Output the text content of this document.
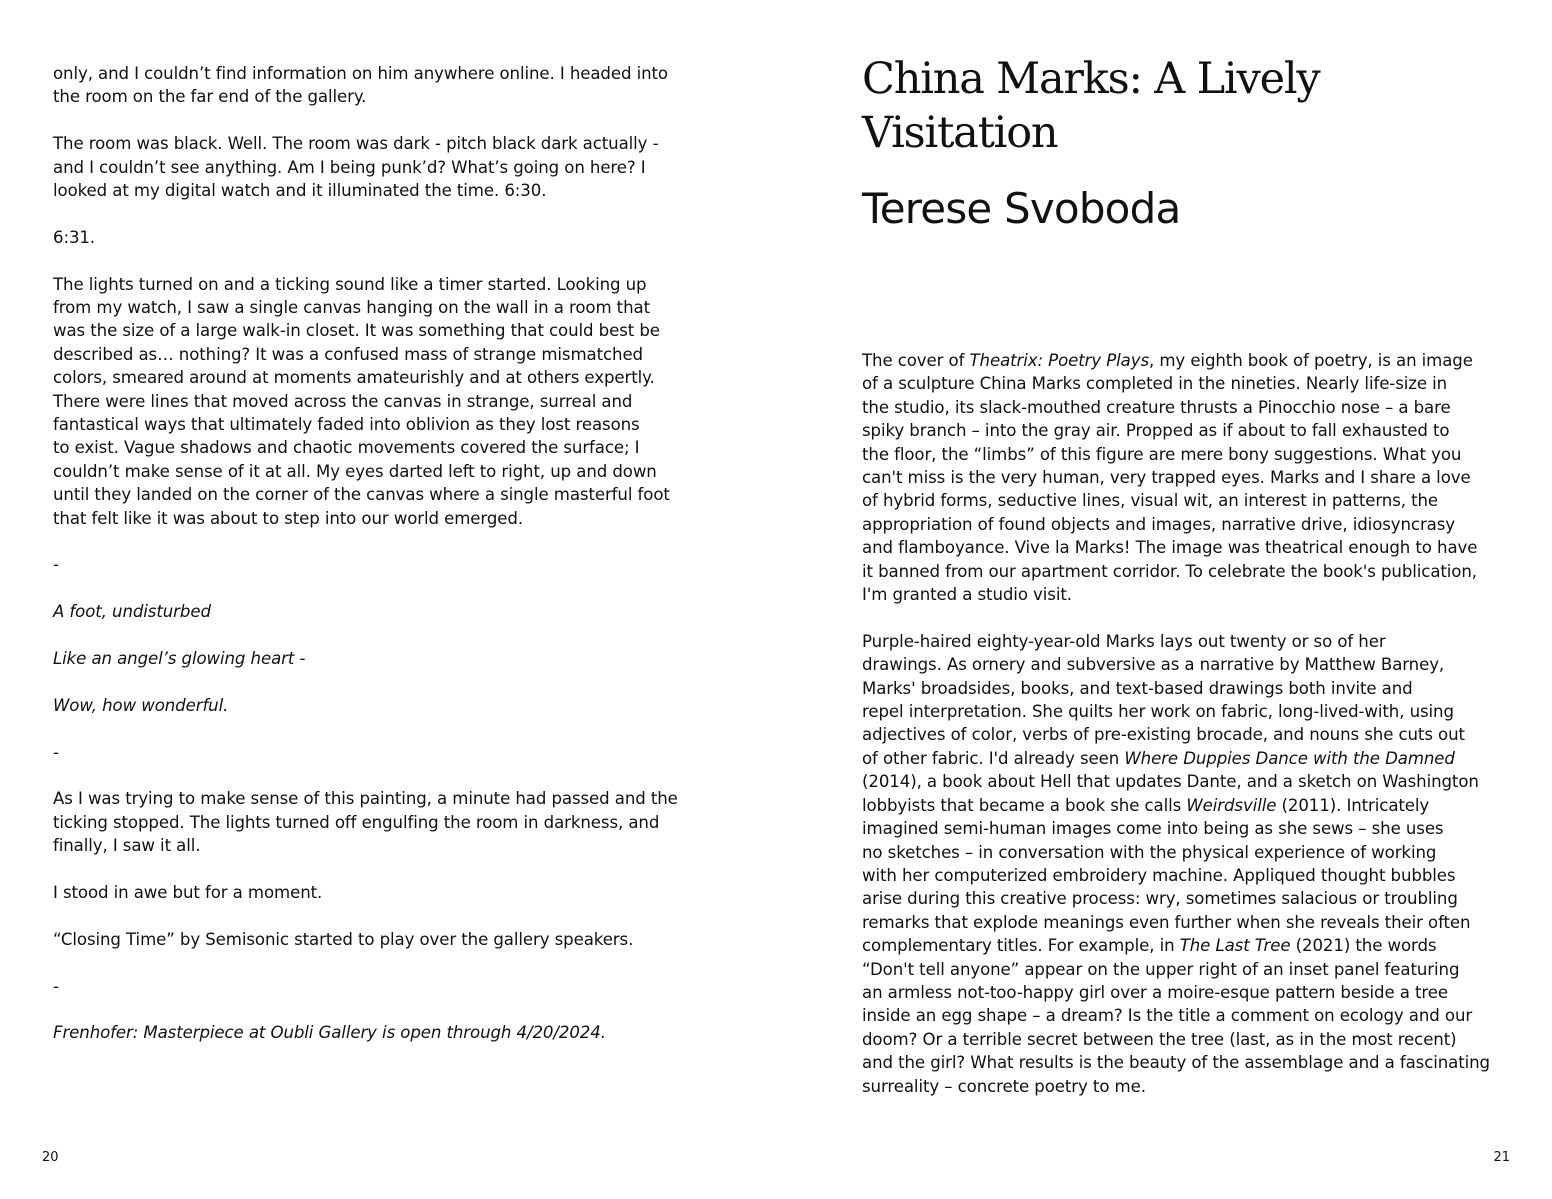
only, and I couldn’t find information on him anywhere online. I headed into
the room on the far end of the gallery.

The room was black. Well. The room was dark - pitch black dark actually -
and I couldn’t see anything. Am I being punk’d? What’s going on here? I
looked at my digital watch and it illuminated the time. 6:30.

6:31.

The lights turned on and a ticking sound like a timer started. Looking up
from my watch, I saw a single canvas hanging on the wall in a room that
was the size of a large walk-in closet. It was something that could best be
described as… nothing? It was a confused mass of strange mismatched
colors, smeared around at moments amateurishly and at others expertly.
There were lines that moved across the canvas in strange, surreal and
fantastical ways that ultimately faded into oblivion as they lost reasons
to exist. Vague shadows and chaotic movements covered the surface; I
couldn’t make sense of it at all. My eyes darted left to right, up and down
until they landed on the corner of the canvas where a single masterful foot
that felt like it was about to step into our world emerged.

-

A foot, undisturbed

Like an angel’s glowing heart -

Wow, how wonderful.

-

As I was trying to make sense of this painting, a minute had passed and the
ticking stopped. The lights turned off engulfing the room in darkness, and
finally, I saw it all.

I stood in awe but for a moment.

“Closing Time” by Semisonic started to play over the gallery speakers.

-

Frenhofer: Masterpiece at Oubli Gallery is open through 4/20/2024.

20
China Marks: A Lively
Visitation
Terese Svoboda

The cover of Theatrix: Poetry Plays, my eighth book of poetry, is an image
of a sculpture China Marks completed in the nineties. Nearly life-size in
the studio, its slack-mouthed creature thrusts a Pinocchio nose – a bare
spiky branch – into the gray air. Propped as if about to fall exhausted to
the floor, the “limbs” of this figure are mere bony suggestions. What you
can't miss is the very human, very trapped eyes. Marks and I share a love
of hybrid forms, seductive lines, visual wit, an interest in patterns, the
appropriation of found objects and images, narrative drive, idiosyncrasy
and flamboyance. Vive la Marks! The image was theatrical enough to have
it banned from our apartment corridor. To celebrate the book's publication,
I'm granted a studio visit.

Purple-haired eighty-year-old Marks lays out twenty or so of her
drawings. As ornery and subversive as a narrative by Matthew Barney,
Marks' broadsides, books, and text-based drawings both invite and
repel interpretation. She quilts her work on fabric, long-lived-with, using
adjectives of color, verbs of pre-existing brocade, and nouns she cuts out
of other fabric. I'd already seen Where Duppies Dance with the Damned
(2014), a book about Hell that updates Dante, and a sketch on Washington
lobbyists that became a book she calls Weirdsville (2011). Intricately
imagined semi-human images come into being as she sews – she uses
no sketches – in conversation with the physical experience of working
with her computerized embroidery machine. Appliqued thought bubbles
arise during this creative process: wry, sometimes salacious or troubling
remarks that explode meanings even further when she reveals their often
complementary titles. For example, in The Last Tree (2021) the words
“Don't tell anyone” appear on the upper right of an inset panel featuring
an armless not-too-happy girl over a moire-esque pattern beside a tree
inside an egg shape – a dream? Is the title a comment on ecology and our
doom? Or a terrible secret between the tree (last, as in the most recent)
and the girl? What results is the beauty of the assemblage and a fascinating
surreality – concrete poetry to me.

21
